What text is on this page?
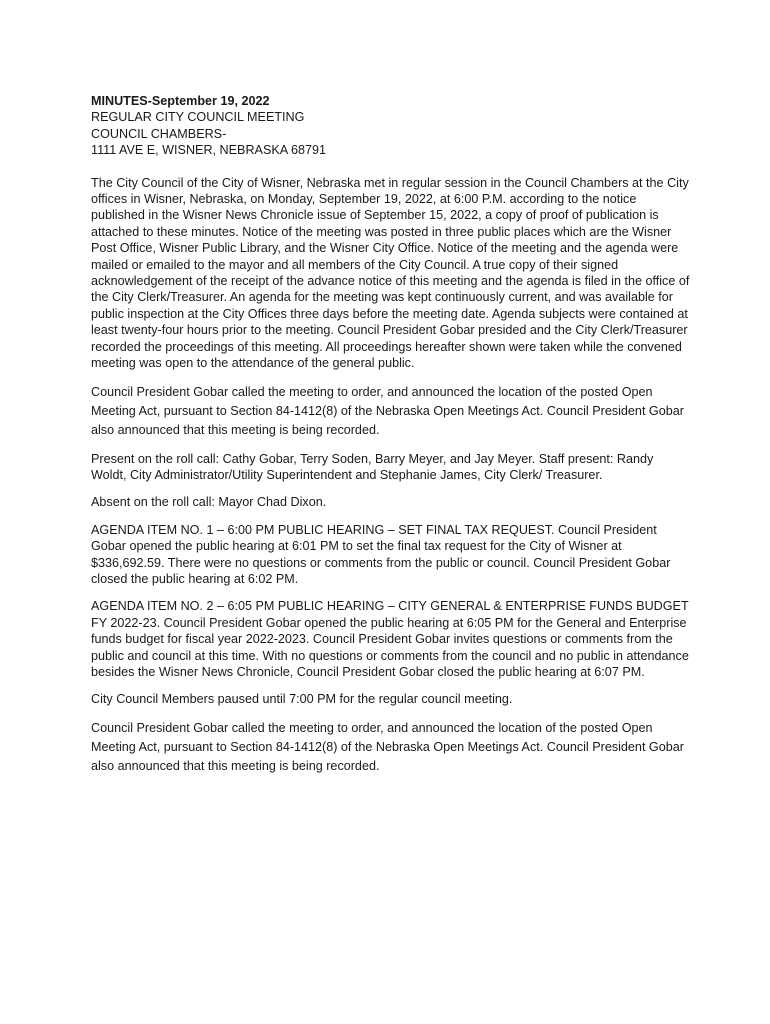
MINUTES-September 19, 2022
REGULAR CITY COUNCIL MEETING
COUNCIL CHAMBERS-
1111 AVE E, WISNER, NEBRASKA 68791

The City Council of the City of Wisner, Nebraska met in regular session in the Council Chambers at the City offices in Wisner, Nebraska, on Monday, September 19, 2022, at 6:00 P.M. according to the notice published in the Wisner News Chronicle issue of September 15, 2022, a copy of proof of publication is attached to these minutes. Notice of the meeting was posted in three public places which are the Wisner Post Office, Wisner Public Library, and the Wisner City Office. Notice of the meeting and the agenda were mailed or emailed to the mayor and all members of the City Council. A true copy of their signed acknowledgement of the receipt of the advance notice of this meeting and the agenda is filed in the office of the City Clerk/Treasurer. An agenda for the meeting was kept continuously current, and was available for public inspection at the City Offices three days before the meeting date. Agenda subjects were contained at least twenty-four hours prior to the meeting. Council President Gobar presided and the City Clerk/Treasurer recorded the proceedings of this meeting. All proceedings hereafter shown were taken while the convened meeting was open to the attendance of the general public.

Council President Gobar called the meeting to order, and announced the location of the posted Open Meeting Act, pursuant to Section 84-1412(8) of the Nebraska Open Meetings Act. Council President Gobar also announced that this meeting is being recorded.

Present on the roll call: Cathy Gobar, Terry Soden, Barry Meyer, and Jay Meyer. Staff present: Randy Woldt, City Administrator/Utility Superintendent and Stephanie James, City Clerk/ Treasurer.

Absent on the roll call: Mayor Chad Dixon.

AGENDA ITEM NO. 1 – 6:00 PM PUBLIC HEARING – SET FINAL TAX REQUEST. Council President Gobar opened the public hearing at 6:01 PM to set the final tax request for the City of Wisner at $336,692.59. There were no questions or comments from the public or council. Council President Gobar closed the public hearing at 6:02 PM.

AGENDA ITEM NO. 2 – 6:05 PM PUBLIC HEARING – CITY GENERAL & ENTERPRISE FUNDS BUDGET FY 2022-23. Council President Gobar opened the public hearing at 6:05 PM for the General and Enterprise funds budget for fiscal year 2022-2023. Council President Gobar invites questions or comments from the public and council at this time. With no questions or comments from the council and no public in attendance besides the Wisner News Chronicle, Council President Gobar closed the public hearing at 6:07 PM.

City Council Members paused until 7:00 PM for the regular council meeting.

Council President Gobar called the meeting to order, and announced the location of the posted Open Meeting Act, pursuant to Section 84-1412(8) of the Nebraska Open Meetings Act. Council President Gobar also announced that this meeting is being recorded.
